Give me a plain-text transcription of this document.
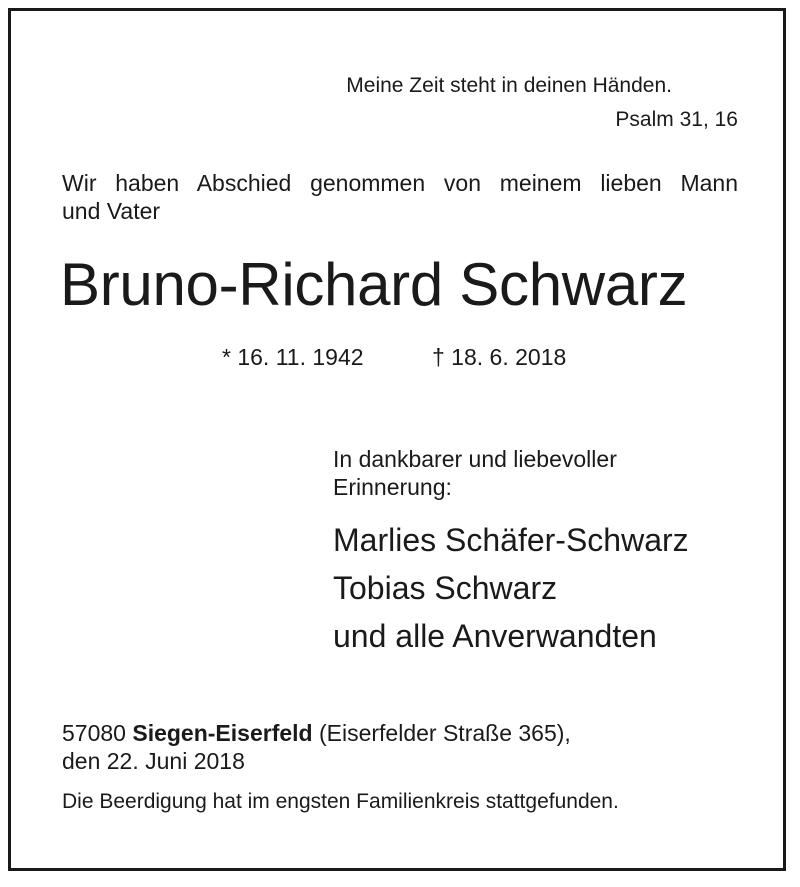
Meine Zeit steht in deinen Händen.
Psalm 31, 16
Wir haben Abschied genommen von meinem lieben Mann
und Vater
Bruno-Richard Schwarz
* 16. 11. 1942	† 18. 6. 2018
In dankbarer und liebevoller
Erinnerung:
Marlies Schäfer-Schwarz
Tobias Schwarz
und alle Anverwandten
57080 Siegen-Eiserfeld (Eiserfelder Straße 365),
den 22. Juni 2018
Die Beerdigung hat im engsten Familienkreis stattgefunden.
